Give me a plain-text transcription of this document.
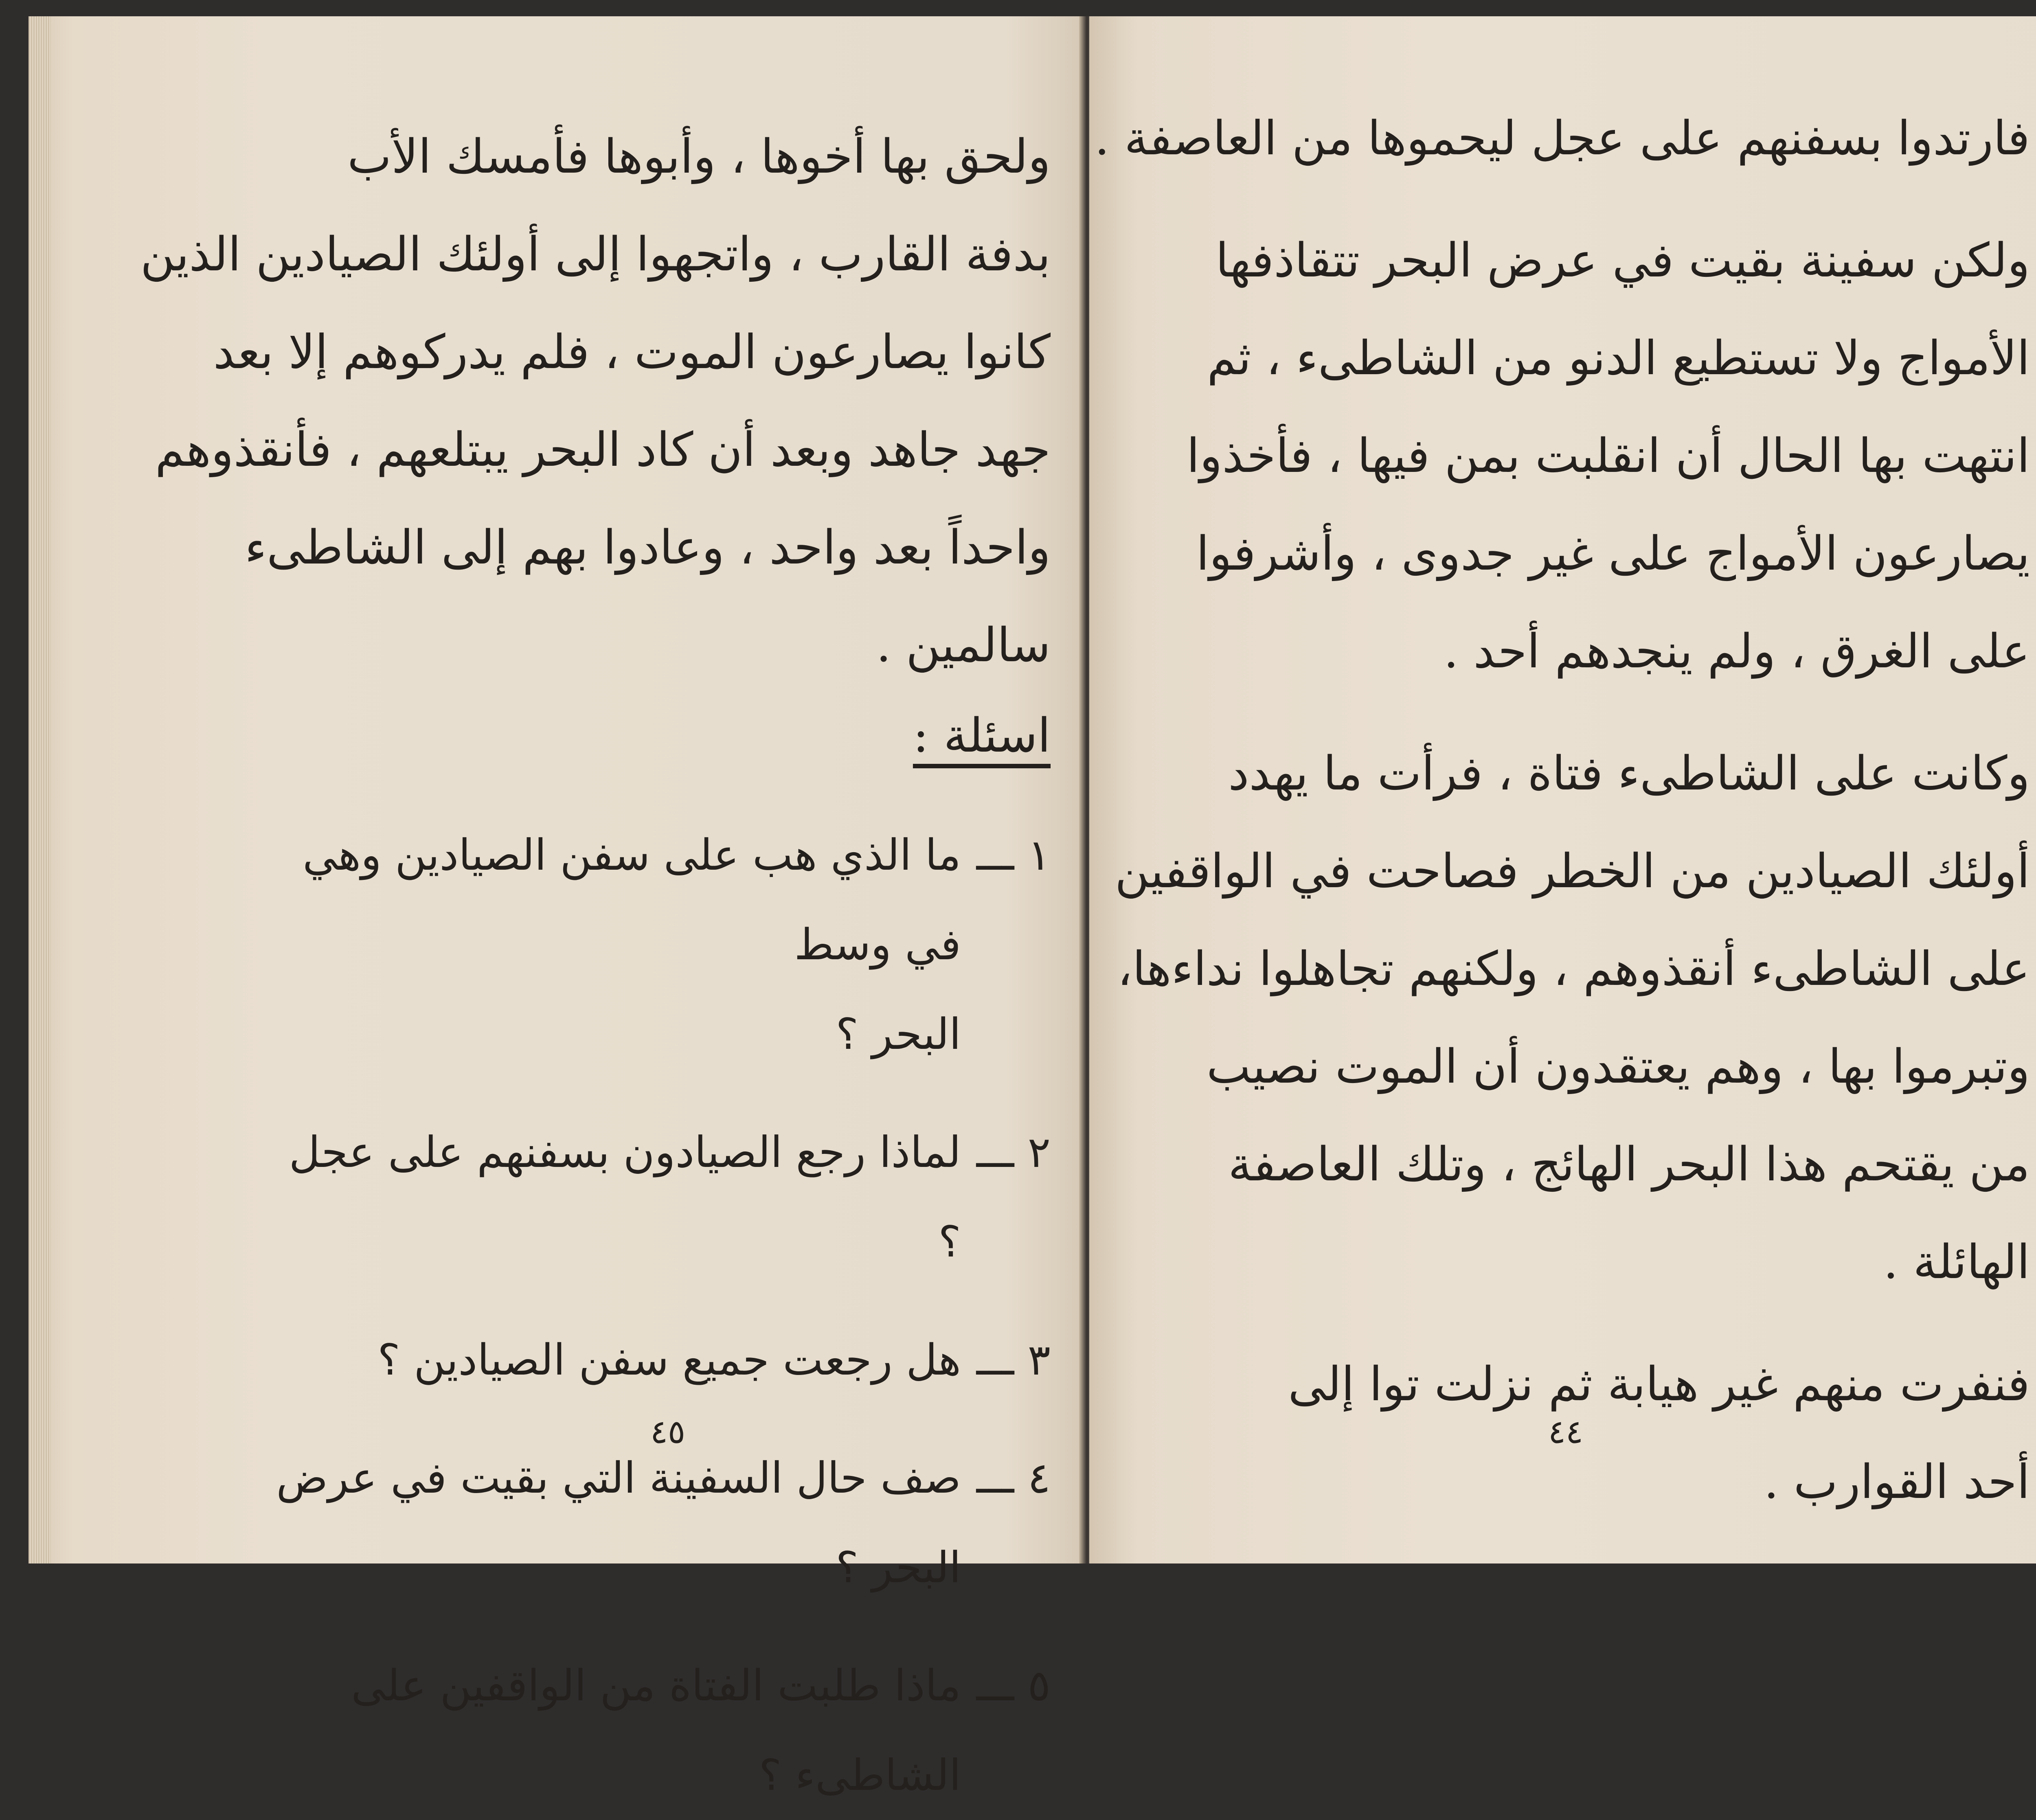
ولحق بها أخوها ، وأبوها فأمسك الأب
بدفة القارب ، واتجهوا إلى أولئك الصيادين الذين
كانوا يصارعون الموت ، فلم يدركوهم إلا بعد
جهد جاهد وبعد أن كاد البحر يبتلعهم ، فأنقذوهم
واحداً بعد واحد ، وعادوا بهم إلى الشاطىء
سالمين .
اسئلة :
١ ـــ
ما الذي هب على سفن الصيادين وهي في وسط
البحر ؟
٢ ـــ
لماذا رجع الصيادون بسفنهم على عجل ؟
٣ ـــ
هل رجعت جميع سفن الصيادين ؟
٤ ـــ
صف حال السفينة التي بقيت في عرض البحر ؟
٥ ـــ
ماذا طلبت الفتاة من الواقفين على الشاطىء ؟
٤٥
فارتدوا بسفنهم على عجل ليحموها من العاصفة .
ولكن سفينة بقيت في عرض البحر تتقاذفها
الأمواج ولا تستطيع الدنو من الشاطىء ، ثم
انتهت بها الحال أن انقلبت بمن فيها ، فأخذوا
يصارعون الأمواج على غير جدوى ، وأشرفوا
على الغرق ، ولم ينجدهم أحد .
وكانت على الشاطىء فتاة ، فرأت ما يهدد
أولئك الصيادين من الخطر فصاحت في الواقفين
على الشاطىء أنقذوهم ، ولكنهم تجاهلوا نداءها،
وتبرموا بها ، وهم يعتقدون أن الموت نصيب
من يقتحم هذا البحر الهائج ، وتلك العاصفة
الهائلة .
فنفرت منهم غير هيابة ثم نزلت توا إلى
أحد القوارب .
٤٤
